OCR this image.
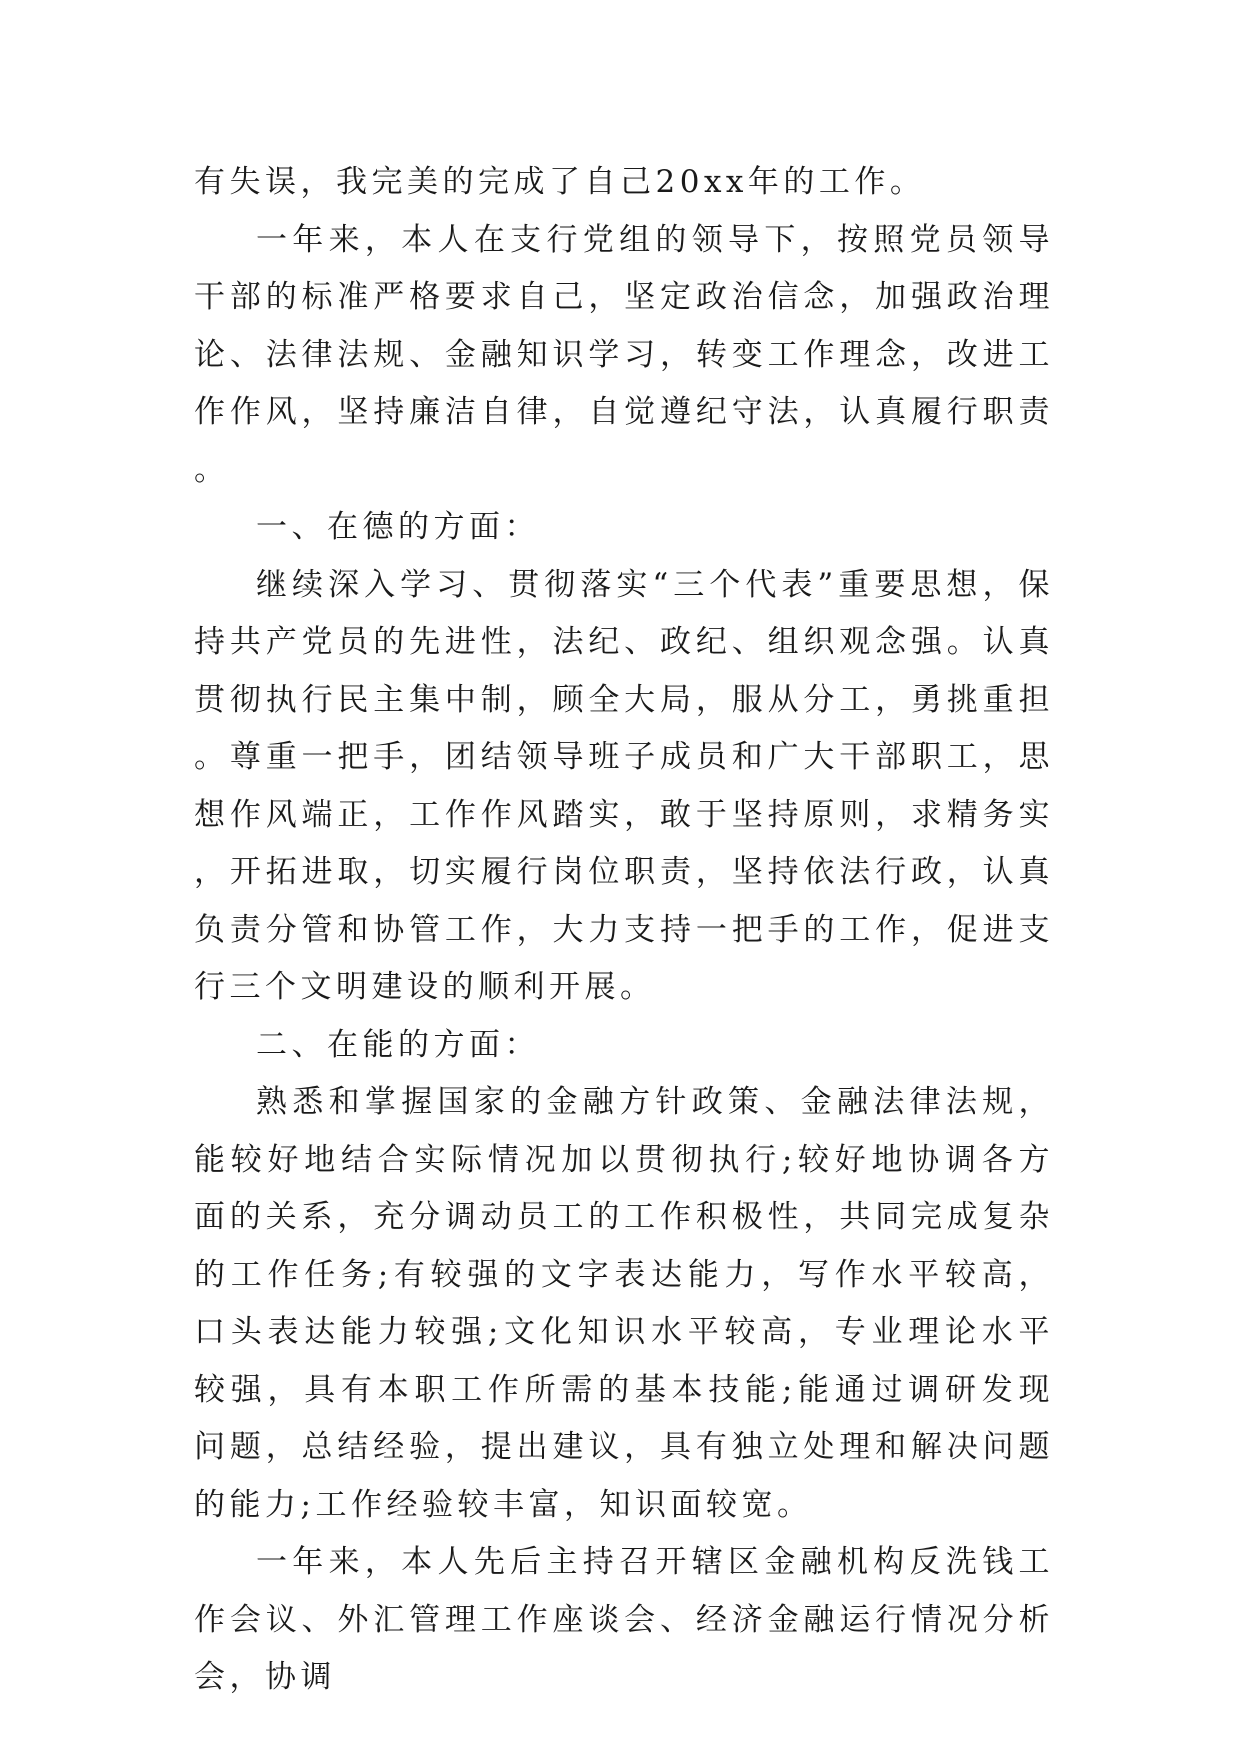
有失误，我完美的完成了自己20xx年的工作。

一年来，本人在支行党组的领导下，按照党员领导干部的标准严格要求自己，坚定政治信念，加强政治理论、法律法规、金融知识学习，转变工作理念，改进工作作风，坚持廉洁自律，自觉遵纪守法，认真履行职责。

一、在德的方面：

继续深入学习、贯彻落实“三个代表”重要思想，保持共产党员的先进性，法纪、政纪、组织观念强。认真贯彻执行民主集中制，顾全大局，服从分工，勇挑重担。尊重一把手，团结领导班子成员和广大干部职工，思想作风端正，工作作风踏实，敢于坚持原则，求精务实，开拓进取，切实履行岗位职责，坚持依法行政，认真负责分管和协管工作，大力支持一把手的工作，促进支行三个文明建设的顺利开展。

二、在能的方面：

熟悉和掌握国家的金融方针政策、金融法律法规，能较好地结合实际情况加以贯彻执行;较好地协调各方面的关系，充分调动员工的工作积极性，共同完成复杂的工作任务;有较强的文字表达能力，写作水平较高，口头表达能力较强;文化知识水平较高，专业理论水平较强，具有本职工作所需的基本技能;能通过调研发现问题，总结经验，提出建议，具有独立处理和解决问题的能力;工作经验较丰富，知识面较宽。

一年来，本人先后主持召开辖区金融机构反洗钱工作会议、外汇管理工作座谈会、经济金融运行情况分析会，协调
